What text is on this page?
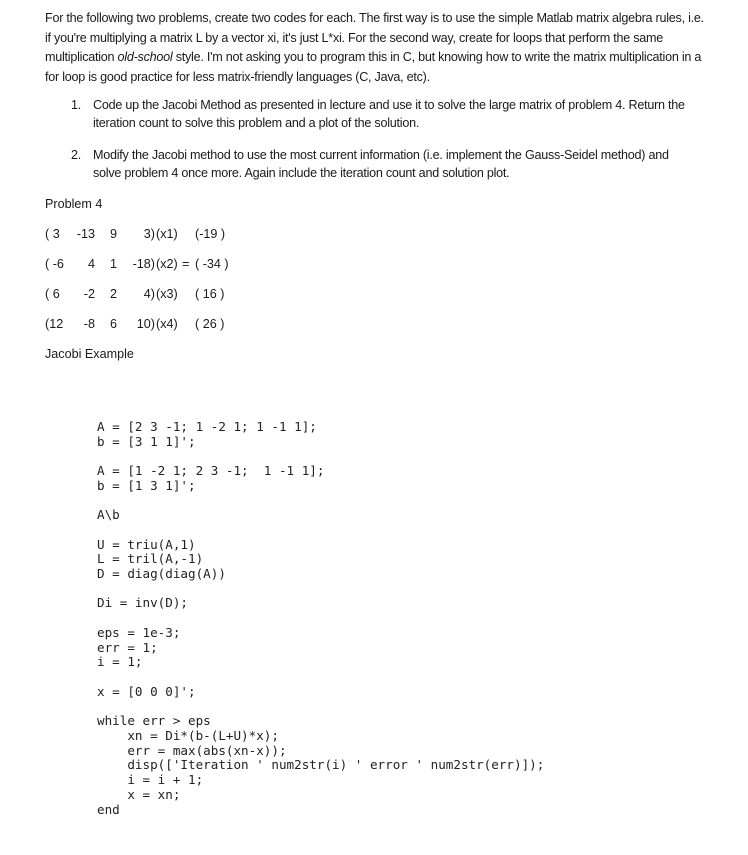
For the following two problems, create two codes for each. The first way is to use the simple Matlab matrix algebra rules, i.e. if you're multiplying a matrix L by a vector xi, it's just L*xi. For the second way, create for loops that perform the same multiplication old-school style. I'm not asking you to program this in C, but knowing how to write the matrix multiplication in a for loop is good practice for less matrix-friendly languages (C, Java, etc).

1. Code up the Jacobi Method as presented in lecture and use it to solve the large matrix of problem 4. Return the iteration count to solve this problem and a plot of the solution.
2. Modify the Jacobi method to use the most current information (i.e. implement the Gauss-Seidel method) and solve problem 4 once more. Again include the iteration count and solution plot.
Problem 4
( 3 -13 9 3)(x1) (-19 )
( -6 4 1 -18)(x2) = ( -34 )
( 6 -2 2 4)(x3) ( 16 )
(12 -8 6 10)(x4) ( 26 )
Jacobi Example
A = [2 3 -1; 1 -2 1; 1 -1 1];
b = [3 1 1]';
A = [1 -2 1; 2 3 -1;  1 -1 1];
b = [1 3 1]';
A\b
U = triu(A,1)
L = tril(A,-1)
D = diag(diag(A))
Di = inv(D);
eps = 1e-3;
err = 1;
i = 1;
x = [0 0 0]';
while err > eps
xn = Di*(b-(L+U)*x);
err = max(abs(xn-x));
disp(['Iteration ' num2str(i) ' error ' num2str(err)]);
i = i + 1;
x = xn;
end
